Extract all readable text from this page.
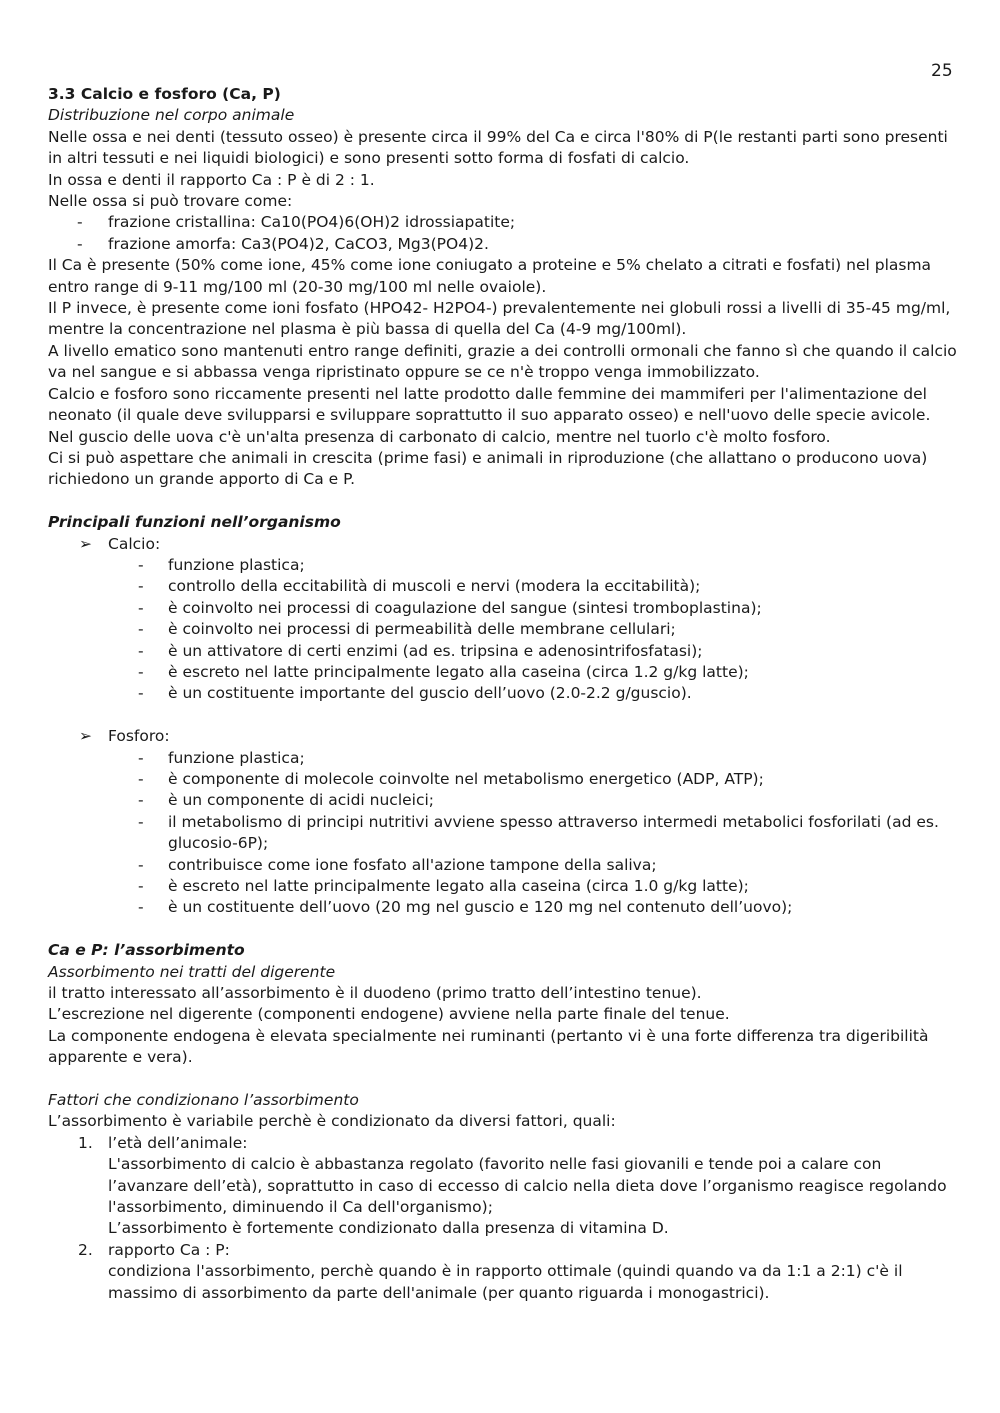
25

3.3 Calcio e fosforo (Ca, P)

Distribuzione nel corpo animale

Nelle ossa e nei denti (tessuto osseo) è presente circa il 99% del Ca e circa l'80% di P(le restanti parti sono presenti in altri tessuti e nei liquidi biologici) e sono presenti sotto forma di fosfati di calcio.

In ossa e denti il rapporto Ca : P è di 2 : 1.

Nelle ossa si può trovare come:

- frazione cristallina: Ca10(PO4)6(OH)2 idrossiapatite;
- frazione amorfa: Ca3(PO4)2, CaCO3, Mg3(PO4)2.

Il Ca è presente (50% come ione, 45% come ione coniugato a proteine e 5% chelato a citrati e fosfati) nel plasma entro range di 9-11 mg/100 ml (20-30 mg/100 ml nelle ovaiole).

Il P invece, è presente come ioni fosfato (HPO42- H2PO4-) prevalentemente nei globuli rossi a livelli di 35-45 mg/ml, mentre la concentrazione nel plasma è più bassa di quella del Ca (4-9 mg/100ml).

A livello ematico sono mantenuti entro range definiti, grazie a dei controlli ormonali che fanno sì che quando il calcio va nel sangue e si abbassa venga ripristinato oppure se ce n'è troppo venga immobilizzato.

Calcio e fosforo sono riccamente presenti nel latte prodotto dalle femmine dei mammiferi per l'alimentazione del neonato (il quale deve svilupparsi e sviluppare soprattutto il suo apparato osseo) e nell'uovo delle specie avicole.

Nel guscio delle uova c'è un'alta presenza di carbonato di calcio, mentre nel tuorlo c'è molto fosforo.

Ci si può aspettare che animali in crescita (prime fasi) e animali in riproduzione (che allattano o producono uova) richiedono un grande apporto di Ca e P.

Principali funzioni nell’organismo

➢ Calcio:
- funzione plastica;
- controllo della eccitabilità di muscoli e nervi (modera la eccitabilità);
- è coinvolto nei processi di coagulazione del sangue (sintesi tromboplastina);
- è coinvolto nei processi di permeabilità delle membrane cellulari;
- è un attivatore di certi enzimi (ad es. tripsina e adenosintrifosfatasi);
- è escreto nel latte principalmente legato alla caseina (circa 1.2 g/kg latte);
- è un costituente importante del guscio dell’uovo (2.0-2.2 g/guscio).
➢ Fosforo:
- funzione plastica;
- è componente di molecole coinvolte nel metabolismo energetico (ADP, ATP);
- è un componente di acidi nucleici;
- il metabolismo di principi nutritivi avviene spesso attraverso intermedi metabolici fosforilati (ad es. glucosio-6P);
- contribuisce come ione fosfato all'azione tampone della saliva;
- è escreto nel latte principalmente legato alla caseina (circa 1.0 g/kg latte);
- è un costituente dell’uovo (20 mg nel guscio e 120 mg nel contenuto dell’uovo);

Ca e P: l’assorbimento

Assorbimento nei tratti del digerente

il tratto interessato all’assorbimento è il duodeno (primo tratto dell’intestino tenue).

L’escrezione nel digerente (componenti endogene) avviene nella parte finale del tenue.

La componente endogena è elevata specialmente nei ruminanti (pertanto vi è una forte differenza tra digeribilità apparente e vera).

Fattori che condizionano l’assorbimento

L’assorbimento è variabile perchè è condizionato da diversi fattori, quali:

1. l’età dell’animale:
L'assorbimento di calcio è abbastanza regolato (favorito nelle fasi giovanili e tende poi a calare con l’avanzare dell’età), soprattutto in caso di eccesso di calcio nella dieta dove l’organismo reagisce regolando l'assorbimento, diminuendo il Ca dell'organismo);
L’assorbimento è fortemente condizionato dalla presenza di vitamina D.
2. rapporto Ca : P:
condiziona l'assorbimento, perchè quando è in rapporto ottimale (quindi quando va da 1:1 a 2:1) c'è il massimo di assorbimento da parte dell'animale (per quanto riguarda i monogastrici).
